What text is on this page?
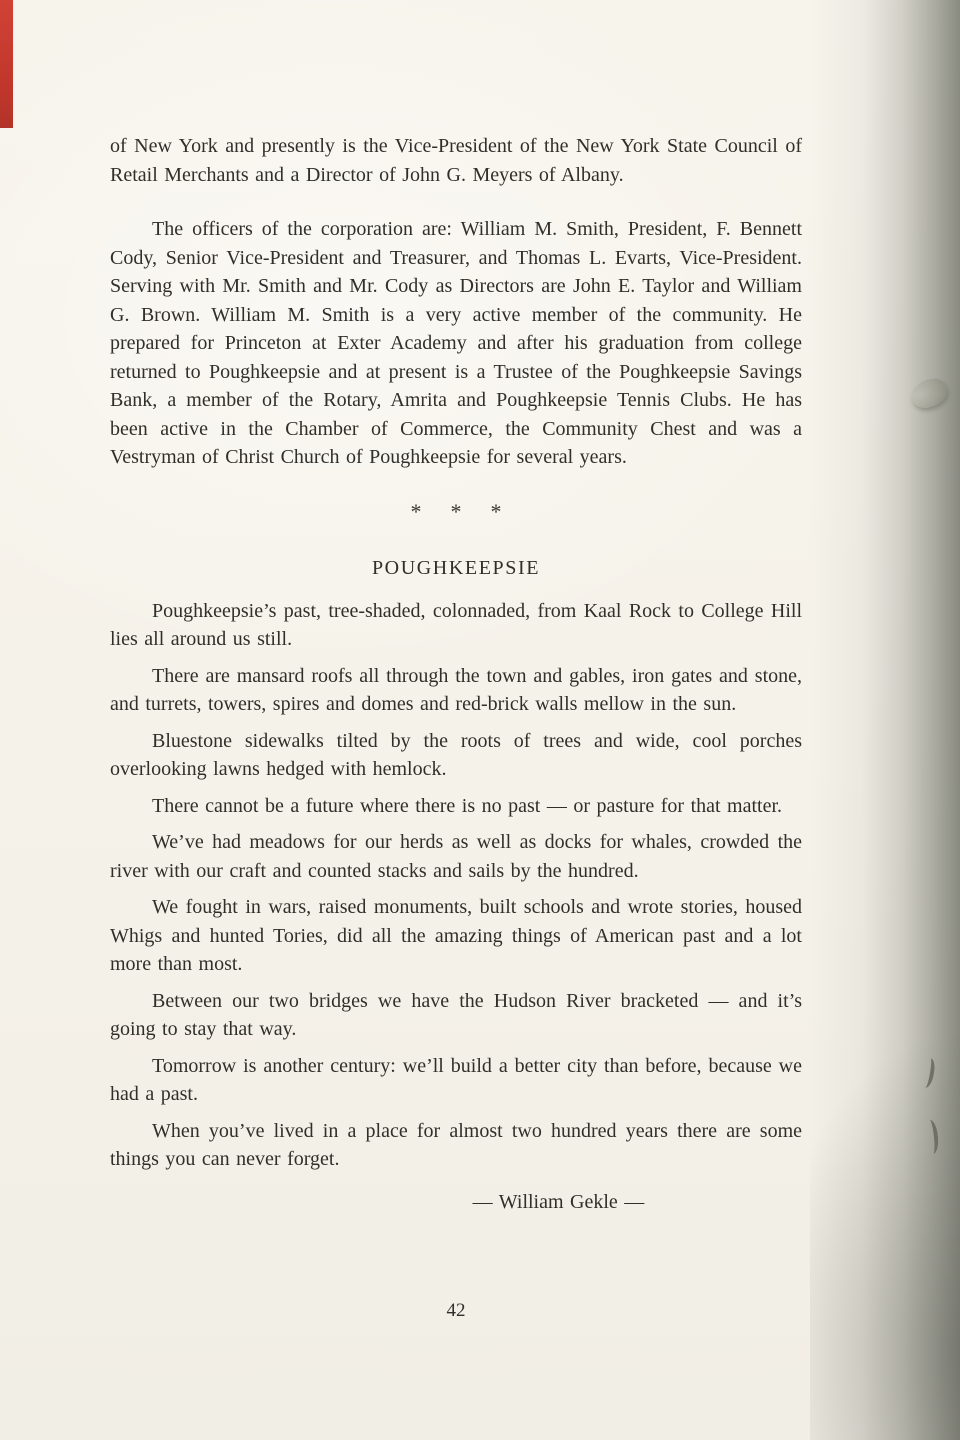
of New York and presently is the Vice-President of the New York State Council of Retail Merchants and a Director of John G. Meyers of Albany.

The officers of the corporation are: William M. Smith, President, F. Bennett Cody, Senior Vice-President and Treasurer, and Thomas L. Evarts, Vice-President. Serving with Mr. Smith and Mr. Cody as Directors are John E. Taylor and William G. Brown. William M. Smith is a very active member of the community. He prepared for Princeton at Exter Academy and after his graduation from college returned to Poughkeepsie and at present is a Trustee of the Poughkeepsie Savings Bank, a member of the Rotary, Amrita and Poughkeepsie Tennis Clubs. He has been active in the Chamber of Commerce, the Community Chest and was a Vestryman of Christ Church of Poughkeepsie for several years.

* * *
POUGHKEEPSIE

Poughkeepsie’s past, tree-shaded, colonnaded, from Kaal Rock to College Hill lies all around us still.

There are mansard roofs all through the town and gables, iron gates and stone, and turrets, towers, spires and domes and red-brick walls mellow in the sun.

Bluestone sidewalks tilted by the roots of trees and wide, cool porches overlooking lawns hedged with hemlock.

There cannot be a future where there is no past — or pasture for that matter.

We’ve had meadows for our herds as well as docks for whales, crowded the river with our craft and counted stacks and sails by the hundred.

We fought in wars, raised monuments, built schools and wrote stories, housed Whigs and hunted Tories, did all the amazing things of American past and a lot more than most.

Between our two bridges we have the Hudson River bracketed — and it’s going to stay that way.

Tomorrow is another century: we’ll build a better city than before, because we had a past.

When you’ve lived in a place for almost two hundred years there are some things you can never forget.

— William Gekle —
42
